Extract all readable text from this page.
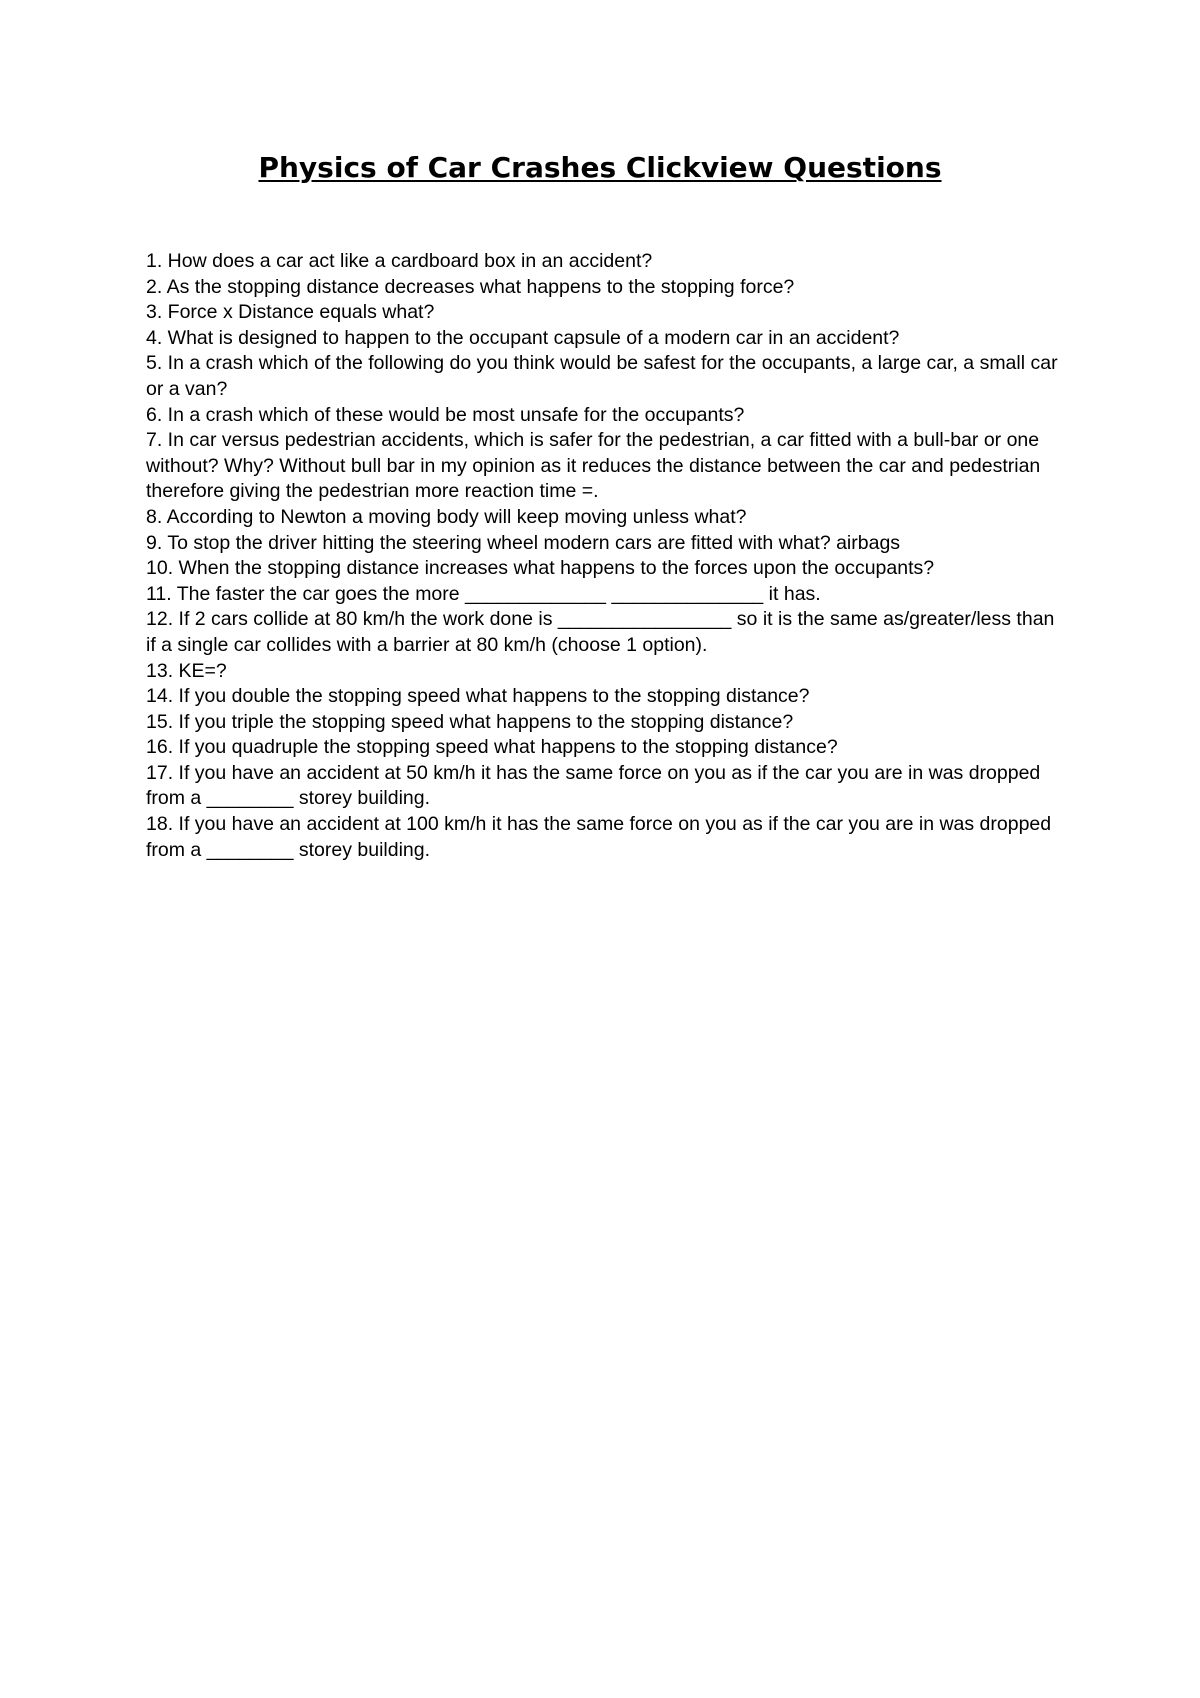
Physics of Car Crashes Clickview Questions
1. How does a car act like a cardboard box in an accident?
2. As the stopping distance decreases what happens to the stopping force?
3. Force x Distance equals what?
4. What is designed to happen to the occupant capsule of a modern car in an accident?
5. In a crash which of the following do you think would be safest for the occupants, a large car, a small car or a van?
6. In a crash which of these would be most unsafe for the occupants?
7. In car versus pedestrian accidents, which is safer for the pedestrian, a car fitted with a bull-bar or one without? Why? Without bull bar in my opinion as it reduces the distance between the car and pedestrian therefore giving the pedestrian more reaction time =.
8. According to Newton a moving body will keep moving unless what?
9. To stop the driver hitting the steering wheel modern cars are fitted with what? airbags
10. When the stopping distance increases what happens to the forces upon the occupants?
11. The faster the car goes the more _____________ ______________ it has.
12. If 2 cars collide at 80 km/h the work done is ________________ so it is the same as/greater/less than if a single car collides with a barrier at 80 km/h (choose 1 option).
13. KE=?
14. If you double the stopping speed what happens to the stopping distance?
15. If you triple the stopping speed what happens to the stopping distance?
16. If you quadruple the stopping speed what happens to the stopping distance?
17. If you have an accident at 50 km/h it has the same force on you as if the car you are in was dropped from a ________ storey building.
18. If you have an accident at 100 km/h it has the same force on you as if the car you are in was dropped from a ________ storey building.
